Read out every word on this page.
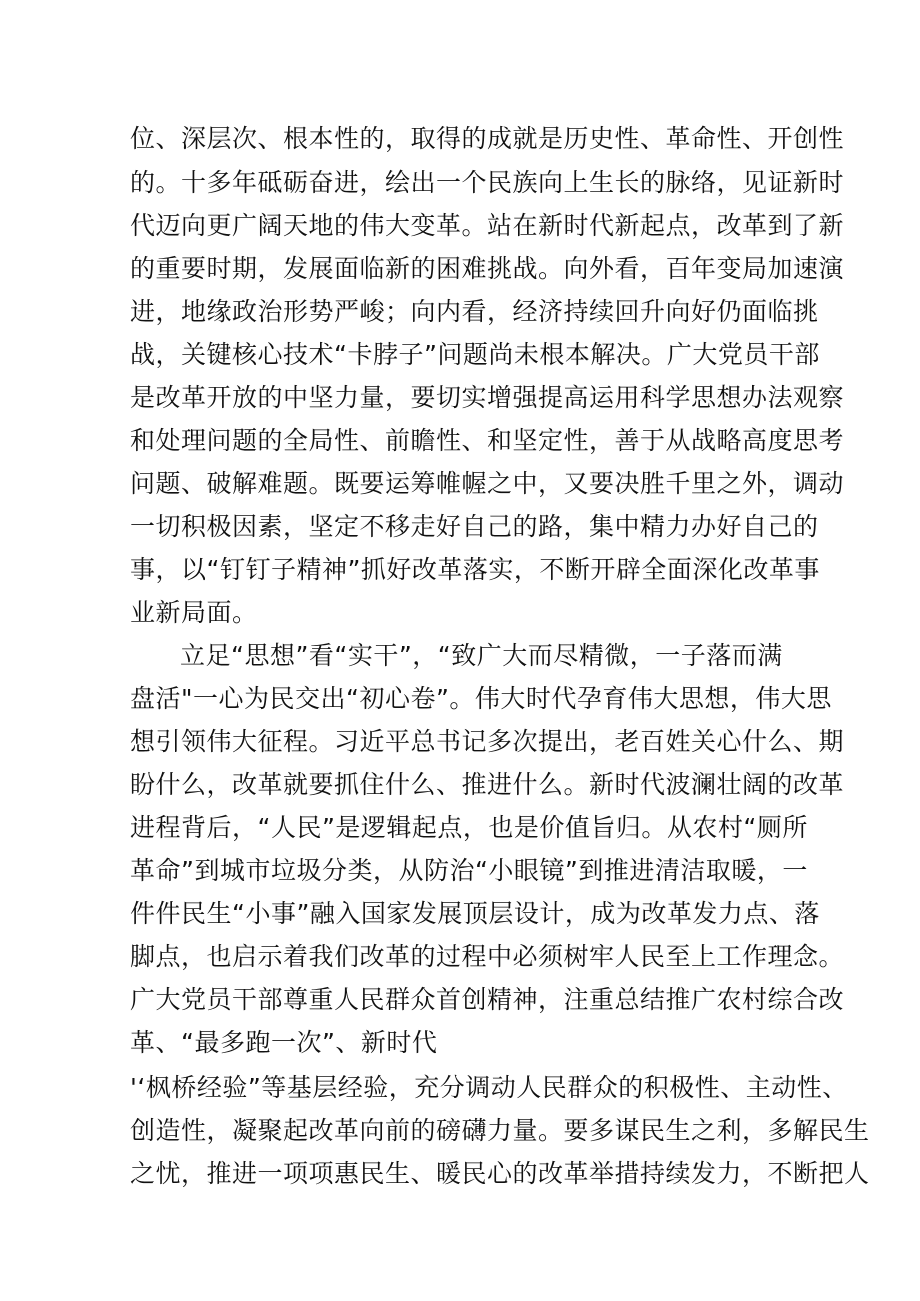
位、深层次、根本性的，取得的成就是历史性、革命性、开创性
的。十多年砥砺奋进，绘出一个民族向上生长的脉络，见证新时
代迈向更广阔天地的伟大变革。站在新时代新起点，改革到了新
的重要时期，发展面临新的困难挑战。向外看，百年变局加速演
进，地缘政治形势严峻；向内看，经济持续回升向好仍面临挑
战，关键核心技术“卡脖子”问题尚未根本解决。广大党员干部
是改革开放的中坚力量，要切实增强提高运用科学思想办法观察
和处理问题的全局性、前瞻性、和坚定性，善于从战略高度思考
问题、破解难题。既要运筹帷幄之中，又要决胜千里之外，调动
一切积极因素，坚定不移走好自己的路，集中精力办好自己的
事，以“钉钉子精神”抓好改革落实，不断开辟全面深化改革事
业新局面。
立足“思想”看“实干”，“致广大而尽精微，一子落而满
盘活"一心为民交出“初心卷”。伟大时代孕育伟大思想，伟大思
想引领伟大征程。习近平总书记多次提出，老百姓关心什么、期
盼什么，改革就要抓住什么、推进什么。新时代波澜壮阔的改革
进程背后，“人民”是逻辑起点，也是价值旨归。从农村“厕所
革命”到城市垃圾分类，从防治“小眼镜”到推进清洁取暖，一
件件民生“小事”融入国家发展顶层设计，成为改革发力点、落
脚点，也启示着我们改革的过程中必须树牢人民至上工作理念。
广大党员干部尊重人民群众首创精神，注重总结推广农村综合改
革、“最多跑一次”、新时代
'‘枫桥经验”等基层经验，充分调动人民群众的积极性、主动性、
创造性，凝聚起改革向前的磅礴力量。要多谋民生之利，多解民生
之忧，推进一项项惠民生、暖民心的改革举措持续发力，不断把人
